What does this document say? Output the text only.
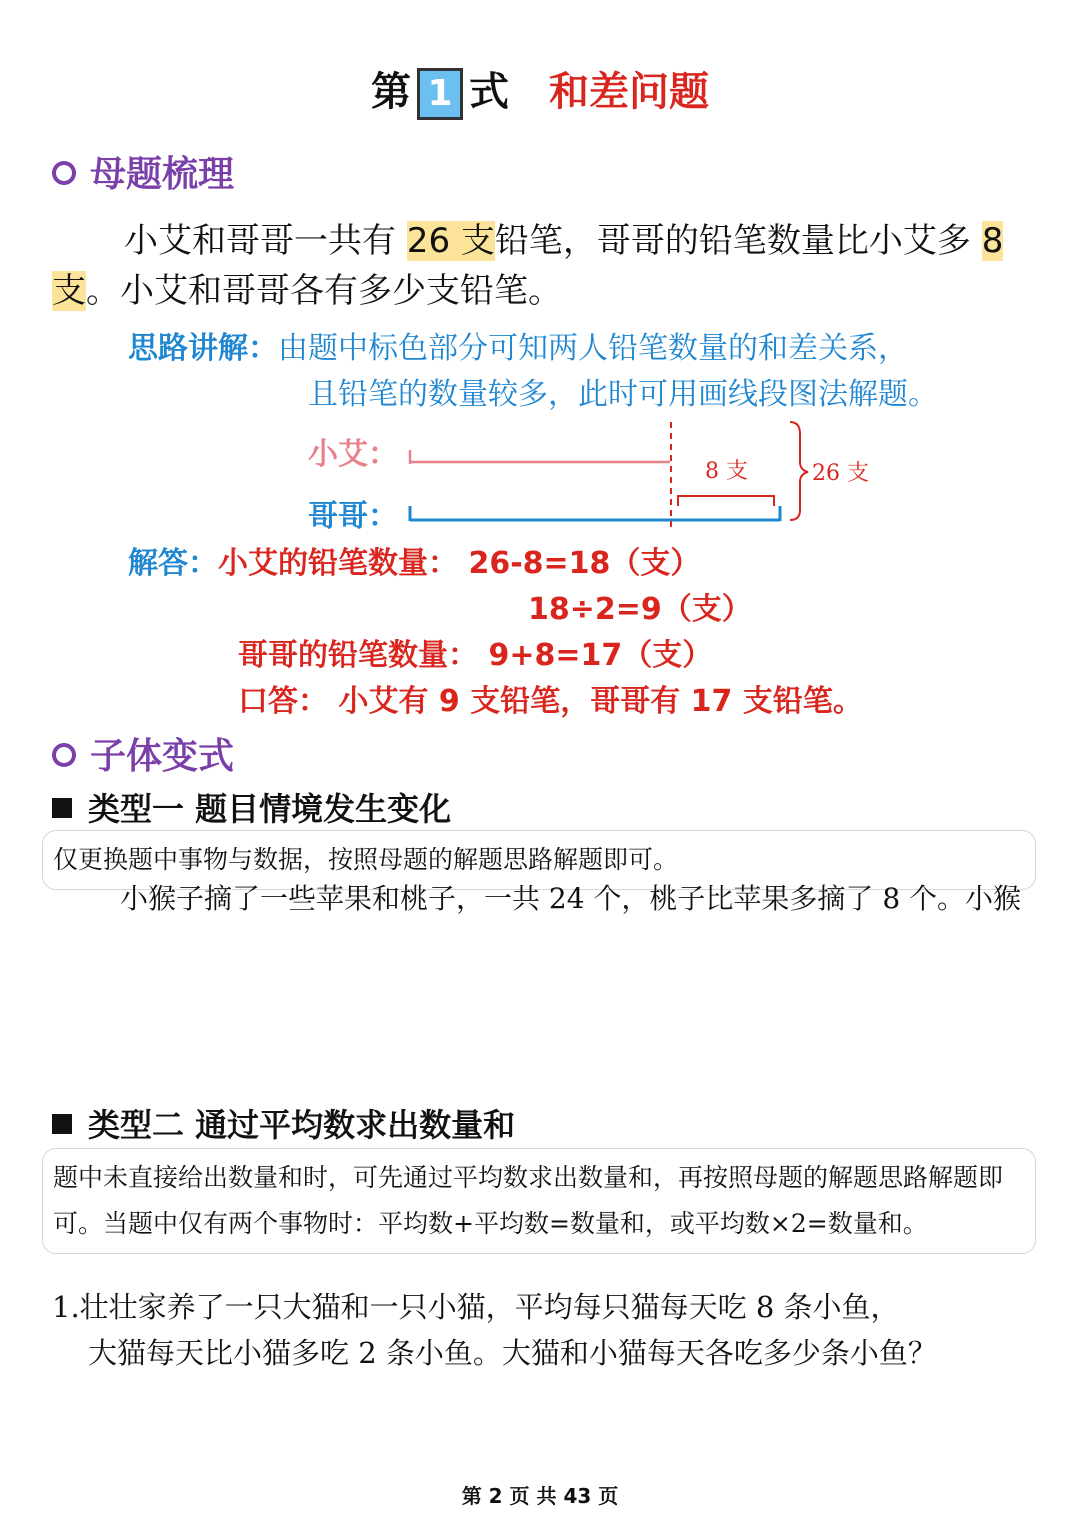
第 1 式 和差问题
母题梳理
小艾和哥哥一共有 26 支铅笔，哥哥的铅笔数量比小艾多 8 支。小艾和哥哥各有多少支铅笔。
思路讲解：由题中标色部分可知两人铅笔数量的和差关系，
且铅笔的数量较多，此时可用画线段图法解题。
小艾：
哥哥：
8 支	26 支
解答：小艾的铅笔数量： 26-8=18（支）
18÷2=9（支）
哥哥的铅笔数量： 9+8=17（支）
口答： 小艾有 9 支铅笔，哥哥有 17 支铅笔。
子体变式
类型一 题目情境发生变化
仅更换题中事物与数据，按照母题的解题思路解题即可。
小猴子摘了一些苹果和桃子，一共 24 个，桃子比苹果多摘了 8 个。小猴
类型二 通过平均数求出数量和
题中未直接给出数量和时，可先通过平均数求出数量和，再按照母题的解题思路解题即可。当题中仅有两个事物时：平均数+平均数=数量和，或平均数×2=数量和。
1.壮壮家养了一只大猫和一只小猫，平均每只猫每天吃 8 条小鱼，
大猫每天比小猫多吃 2 条小鱼。大猫和小猫每天各吃多少条小鱼？
第 2 页 共 43 页
